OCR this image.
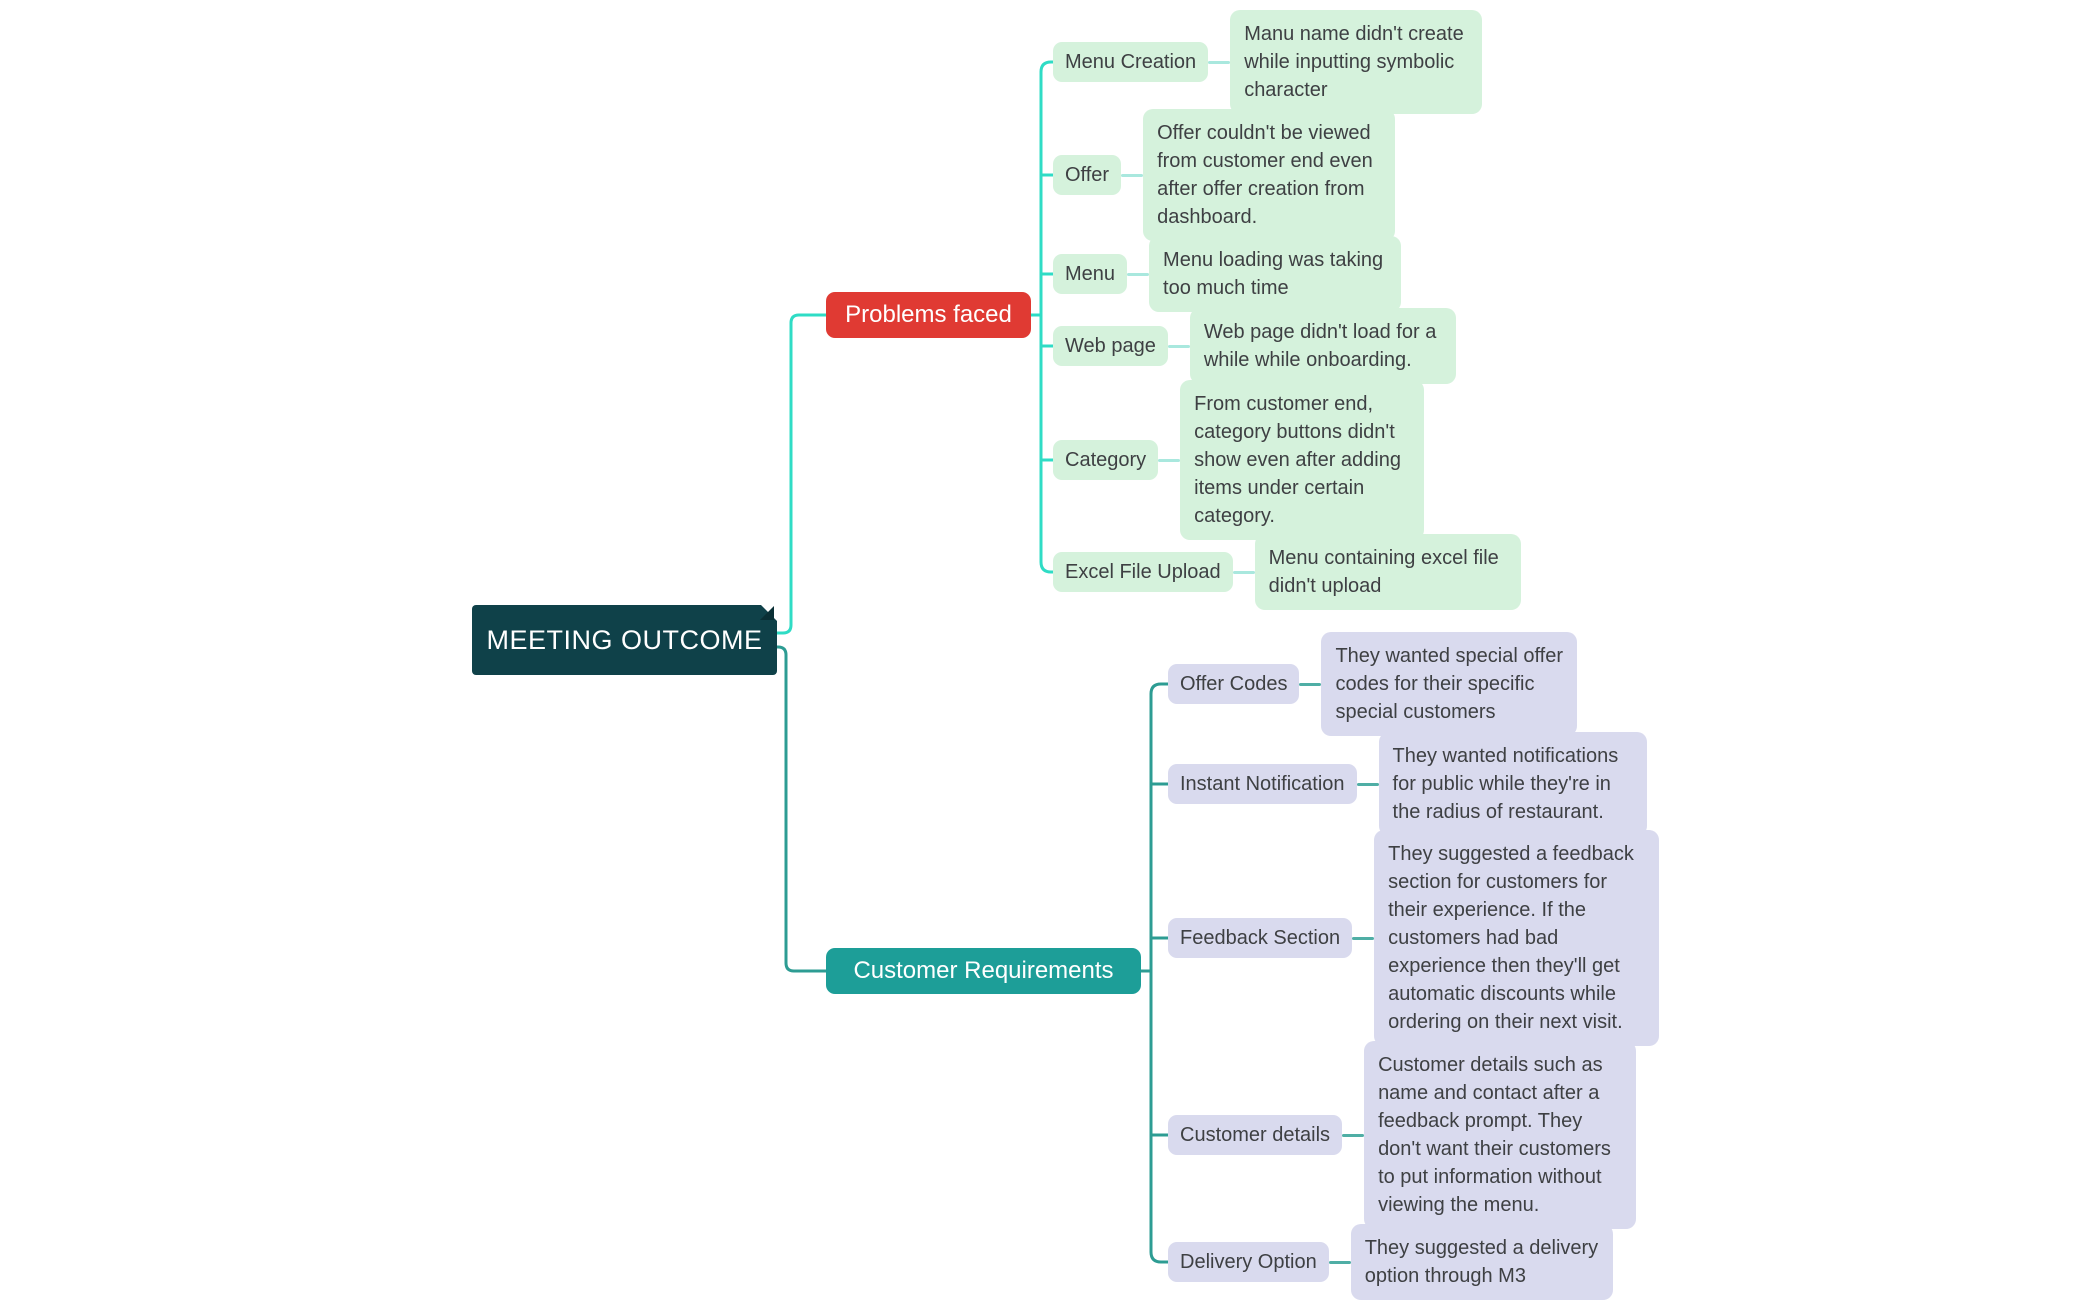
MEETING OUTCOME
Problems faced
Customer Requirements
Menu Creation
Manu name didn't create while inputting symbolic character
Offer
Offer couldn't be viewed from customer end even after offer creation from dashboard.
Menu
Menu loading was taking too much time
Web page
Web page didn't load for a while while onboarding.
Category
From customer end, category buttons didn't show even after adding items under certain category.
Excel File Upload
Menu containing excel file didn't upload
Offer Codes
They wanted special offer codes for their specific special customers
Instant Notification
They wanted notifications for public while they're in the radius of restaurant.
Feedback Section
They suggested a feedback section for customers for their experience. If the customers had bad experience then they'll get automatic discounts while ordering on their next visit.
Customer details
Customer details such as name and contact after a feedback prompt. They don't want their customers to put information without viewing the menu.
Delivery Option
They suggested a delivery option through M3
